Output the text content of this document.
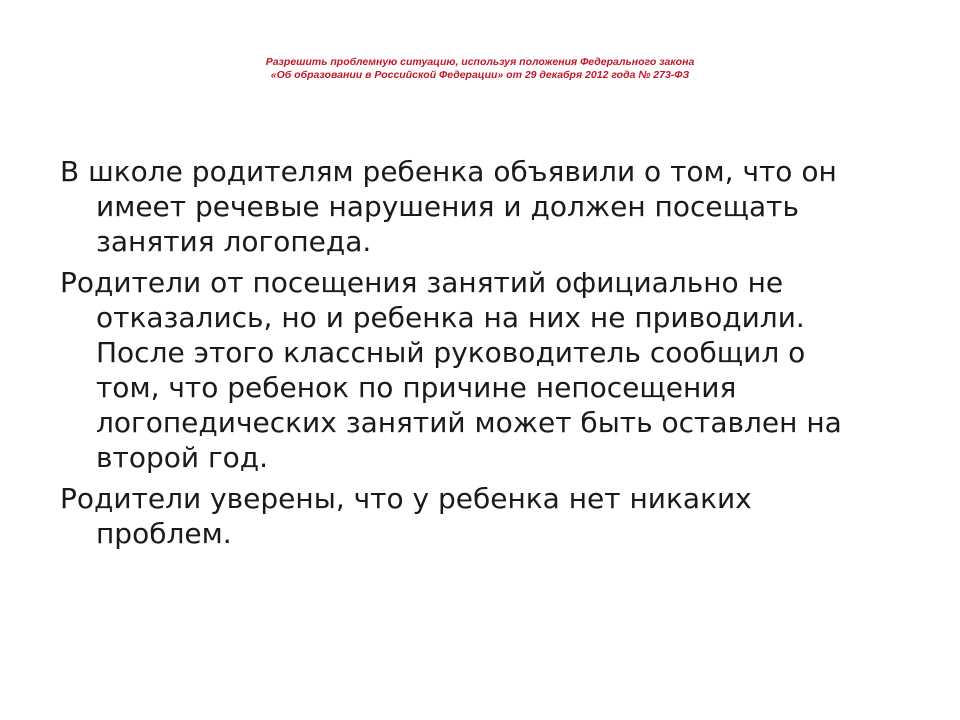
Разрешить проблемную ситуацию, используя положения Федерального закона
«Об образовании в Российской Федерации» от 29 декабря 2012 года № 273-ФЗ
В школе родителям ребенка объявили о том, что он
имеет речевые нарушения и должен посещать
занятия логопеда.
Родители от посещения занятий официально не
отказались, но и ребенка на них не приводили.
После этого классный руководитель сообщил о
том, что ребенок по причине непосещения
логопедических занятий может быть оставлен на
второй год.
Родители уверены, что у ребенка нет никаких
проблем.
